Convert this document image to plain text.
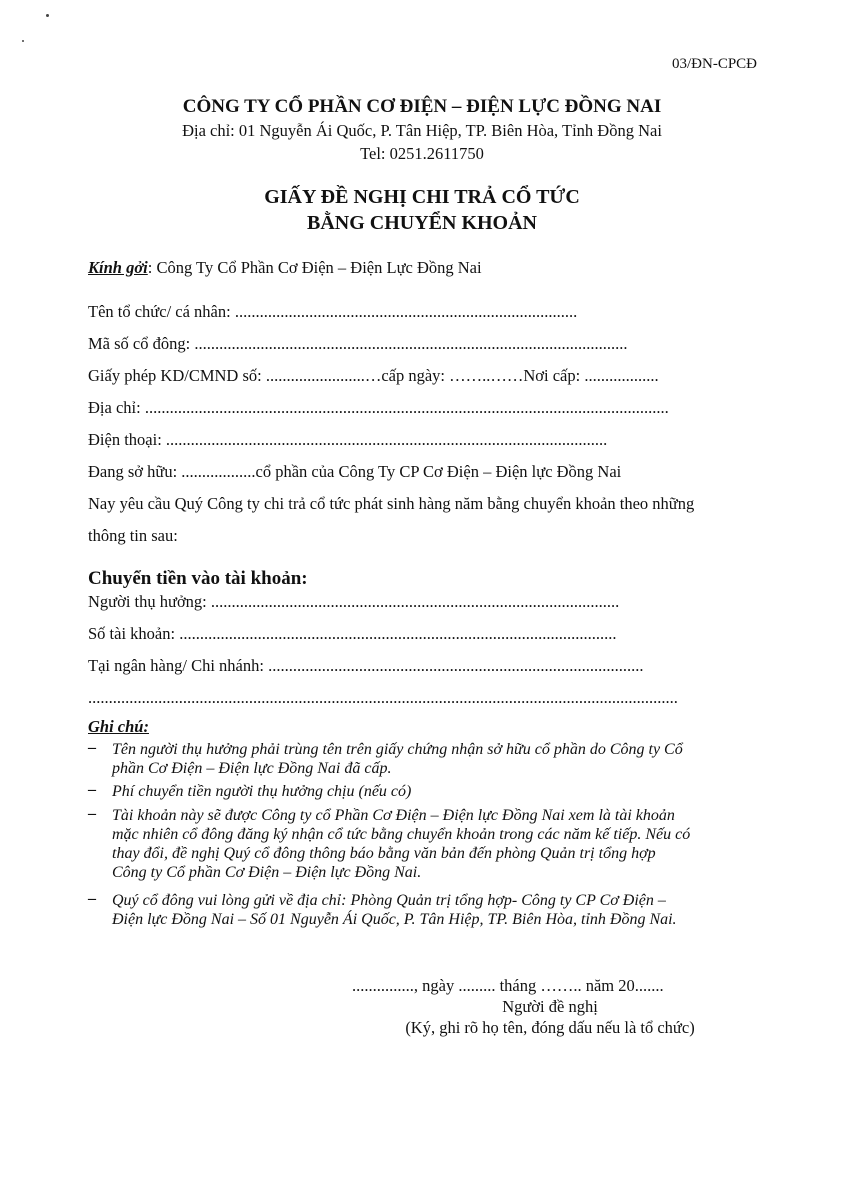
03/ĐN-CPCĐ
CÔNG TY CỔ PHẦN CƠ ĐIỆN – ĐIỆN LỰC ĐỒNG NAI
Địa chỉ: 01 Nguyễn Ái Quốc, P. Tân Hiệp, TP. Biên Hòa, Tỉnh Đồng Nai
Tel: 0251.2611750
GIẤY ĐỀ NGHỊ CHI TRẢ CỔ TỨC
BẰNG CHUYỂN KHOẢN
Kính gởi: Công Ty Cổ Phần Cơ Điện – Điện Lực Đồng Nai
Tên tổ chức/ cá nhân: ...................................................................................
Mã số cổ đông: .........................................................................................................
Giấy phép KD/CMND số: ........................…cấp ngày: ……..……Nơi cấp: ..................
Địa chỉ: ...............................................................................................................................
Điện thoại: ...........................................................................................................
Đang sở hữu: ..................cổ phần của Công Ty CP Cơ Điện – Điện lực Đồng Nai
Nay yêu cầu Quý Công ty chi trả cổ tức phát sinh hàng năm bằng chuyển khoản theo những
thông tin sau:
Chuyển tiền vào tài khoản:
Người thụ hưởng: ...................................................................................................
Số tài khoản: ..........................................................................................................
Tại ngân hàng/ Chi nhánh: ...........................................................................................
...............................................................................................................................................
Ghi chú:
– Tên người thụ hưởng phải trùng tên trên giấy chứng nhận sở hữu cổ phần do Công ty Cổ
phần Cơ Điện – Điện lực Đồng Nai đã cấp.
– Phí chuyển tiền người thụ hưởng chịu (nếu có)
– Tài khoản này sẽ được Công ty cổ Phần Cơ Điện – Điện lực Đồng Nai xem là tài khoản
mặc nhiên cổ đông đăng ký nhận cổ tức bằng chuyển khoản trong các năm kế tiếp. Nếu có
thay đổi, đề nghị Quý cổ đông thông báo bằng văn bản đến phòng Quản trị tổng hợp
Công ty Cổ phần Cơ Điện – Điện lực Đồng Nai.
– Quý cổ đông vui lòng gửi về địa chỉ: Phòng Quản trị tổng hợp- Công ty CP Cơ Điện –
Điện lực Đồng Nai – Số 01 Nguyễn Ái Quốc, P. Tân Hiệp, TP. Biên Hòa, tỉnh Đồng Nai.
..............., ngày ......... tháng …….. năm 20.......
Người đề nghị
(Ký, ghi rõ họ tên, đóng dấu nếu là tổ chức)
